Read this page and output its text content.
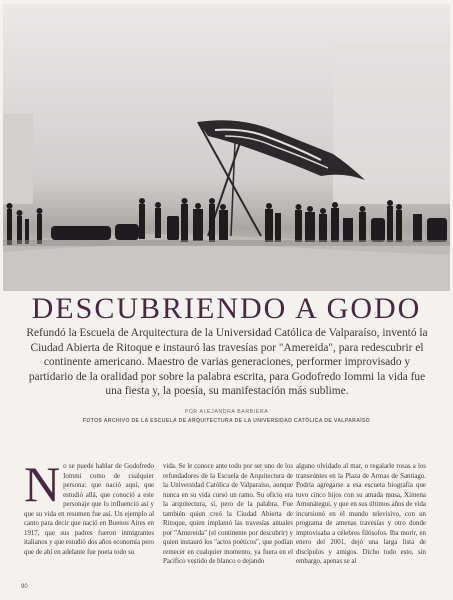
DESCUBRIENDO A GODO

Refundó la Escuela de Arquitectura de la Universidad Católica de Valparaíso, inventó la Ciudad Abierta de Ritoque e instauró las travesías por "Amereida", para redescubrir el continente americano. Maestro de varias generaciones, performer improvisado y partidario de la oralidad por sobre la palabra escrita, para Godofredo Iommi la vida fue una fiesta y, la poesía, su manifestación más sublime.

POR ALEJANDRA BARBIERA

FOTOS ARCHIVO DE LA ESCUELA DE ARQUITECTURA DE LA UNIVERSIDAD CATÓLICA DE VALPARAÍSO

No se puede hablar de Godofredo Iommi como de cualquier persona: que nació aquí, que estudió allá, que conoció a este personaje que lo influenció así y que su vida en resumen fue así. Un ejemplo al canto para decir que nació en Buenos Aires en 1917, que sus padres fueron inmigrantes italianos y que estudió dos años economía pero que de ahí en adelante fue poeta todo su
vida. Se le conoce ante todo por ser uno de los refundadores de la Escuela de Arquitectura de la Universidad Católica de Valparaíso, aunque nunca en su vida cursó un ramo. Su oficio era la arquitectura, sí, pero de la palabra. Fue también quien creó la Ciudad Abierta de Ritoque, quien implantó las travesías anuales por "Amereida" (el continente por descubrir) y quien instauró los "actos poéticos", que podían remecer en cualquier momento, ya fuera en el Pacífico vestido de blanco o dejando
alguno olvidado al mar, o regalarle rosas a los transeúntes en la Plaza de Armas de Santiago. Podría agregarse a esa escueta biografía que tuvo cinco hijos con su amada musa, Ximena Amunátegui, y que en sus últimos años de vida incursionó en el mundo televisivo, con un programa de amenas travesías y otro donde improvisaba a célebres filósofos. Iba morir, en enero del 2001, dejó una larga lista de discípulos y amigos. Dicho todo esto, sin embargo, apenas se al
90
